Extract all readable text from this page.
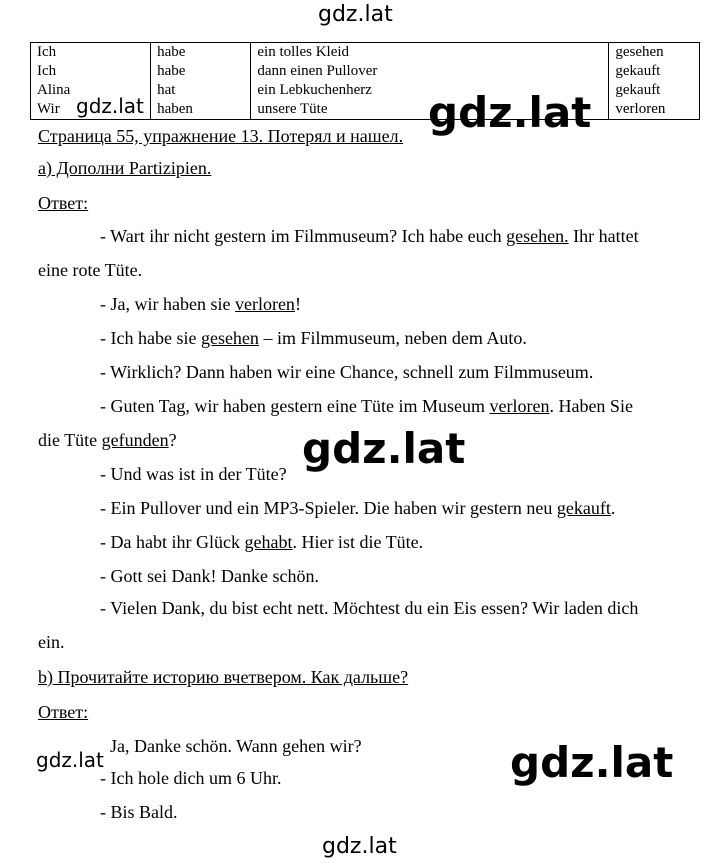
Ich	habe	ein tolles Kleid	gesehen
Ich	habe	dann einen Pullover	gekauft
Alina	hat	ein Lebkuchenherz	gekauft
Wir	haben	unsere Tüte	verloren
Страница 55, упражнение 13. Потерял и нашел.
а) Дополни Partizipien.
Ответ:
- Wart ihr nicht gestern im Filmmuseum? Ich habe euch gesehen. Ihr hattet
eine rote Tüte.
- Ja, wir haben sie verloren!
- Ich habe sie gesehen – im Filmmuseum, neben dem Auto.
- Wirklich? Dann haben wir eine Chance, schnell zum Filmmuseum.
- Guten Tag, wir haben gestern eine Tüte im Museum verloren. Haben Sie
die Tüte gefunden?
- Und was ist in der Tüte?
- Ein Pullover und ein MP3-Spieler. Die haben wir gestern neu gekauft.
- Da habt ihr Glück gehabt. Hier ist die Tüte.
- Gott sei Dank! Danke schön.
- Vielen Dank, du bist echt nett. Möchtest du ein Eis essen? Wir laden dich
ein.
b) Прочитайте историю вчетвером. Как дальше?
Ответ:
Ja, Danke schön. Wann gehen wir?
- Ich hole dich um 6 Uhr.
- Bis Bald.
gdz.lat
gdz.lat	gdz.lat
gdz.lat
gdz.lat
gdz.lat
gdz.lat
